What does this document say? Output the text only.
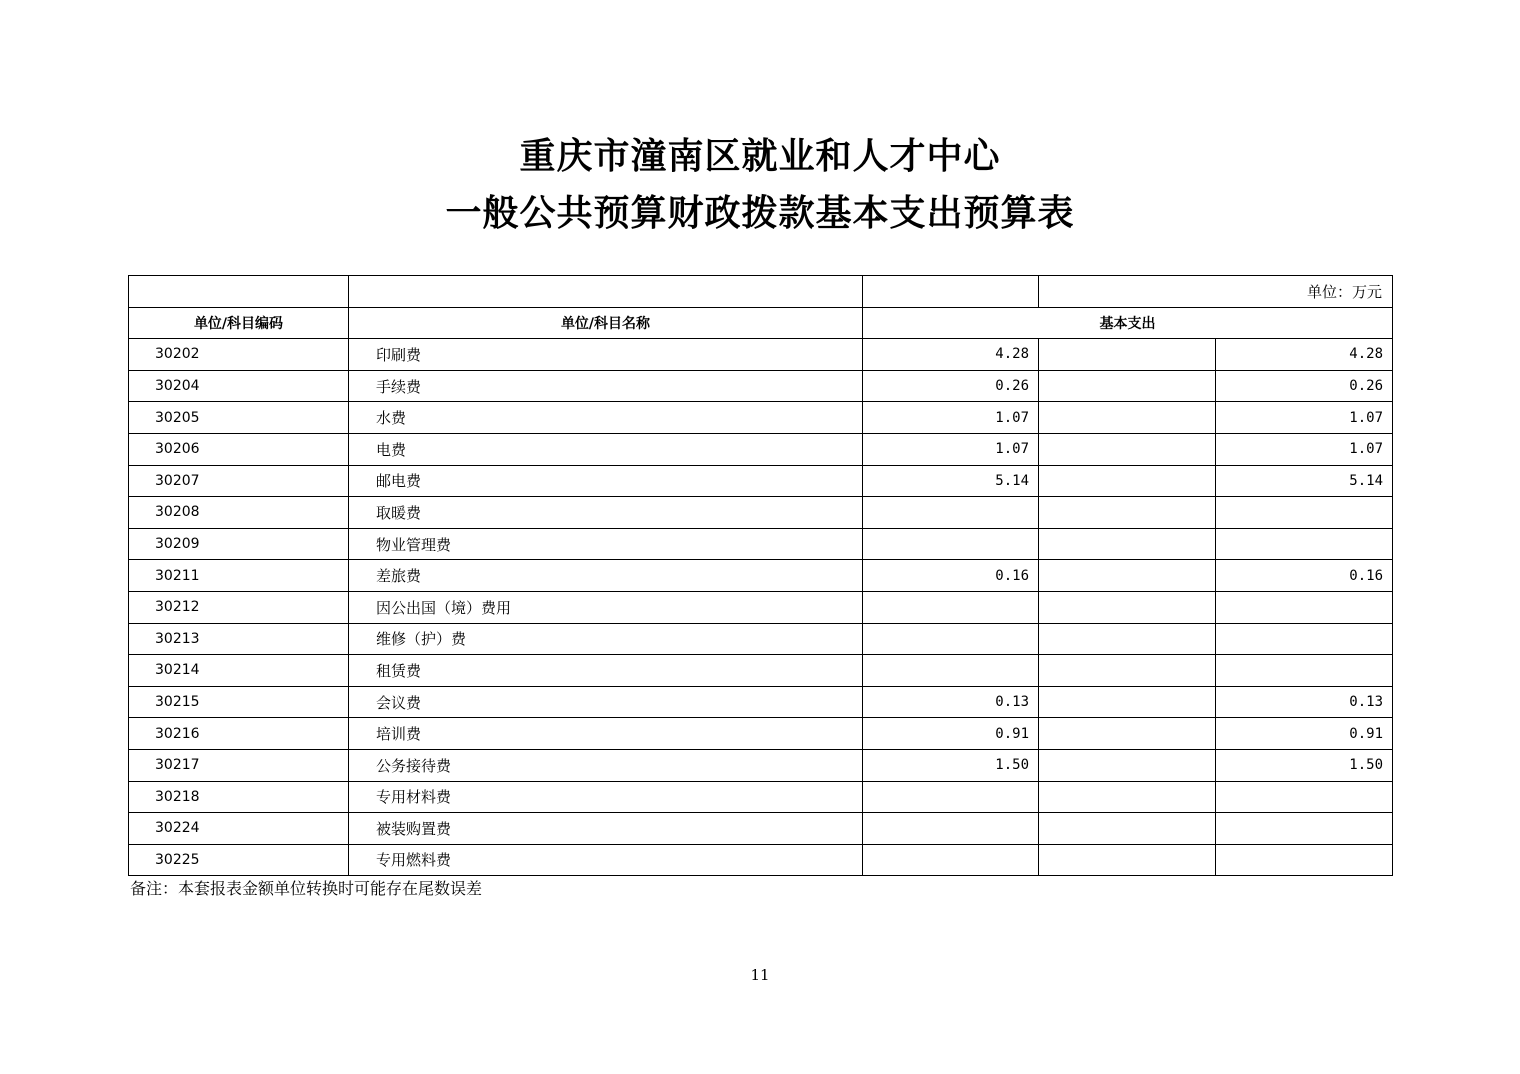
重庆市潼南区就业和人才中心
一般公共预算财政拨款基本支出预算表
			单位：万元	
单位/科目编码	单位/科目名称	基本支出		
30202	印刷费	4.28		4.28
30204	手续费	0.26		0.26
30205	水费	1.07		1.07
30206	电费	1.07		1.07
30207	邮电费	5.14		5.14
30208	取暖费			
30209	物业管理费			
30211	差旅费	0.16		0.16
30212	因公出国（境）费用			
30213	维修（护）费			
30214	租赁费			
30215	会议费	0.13		0.13
30216	培训费	0.91		0.91
30217	公务接待费	1.50		1.50
30218	专用材料费			
30224	被装购置费			
30225	专用燃料费			
备注：本套报表金额单位转换时可能存在尾数误差
11
